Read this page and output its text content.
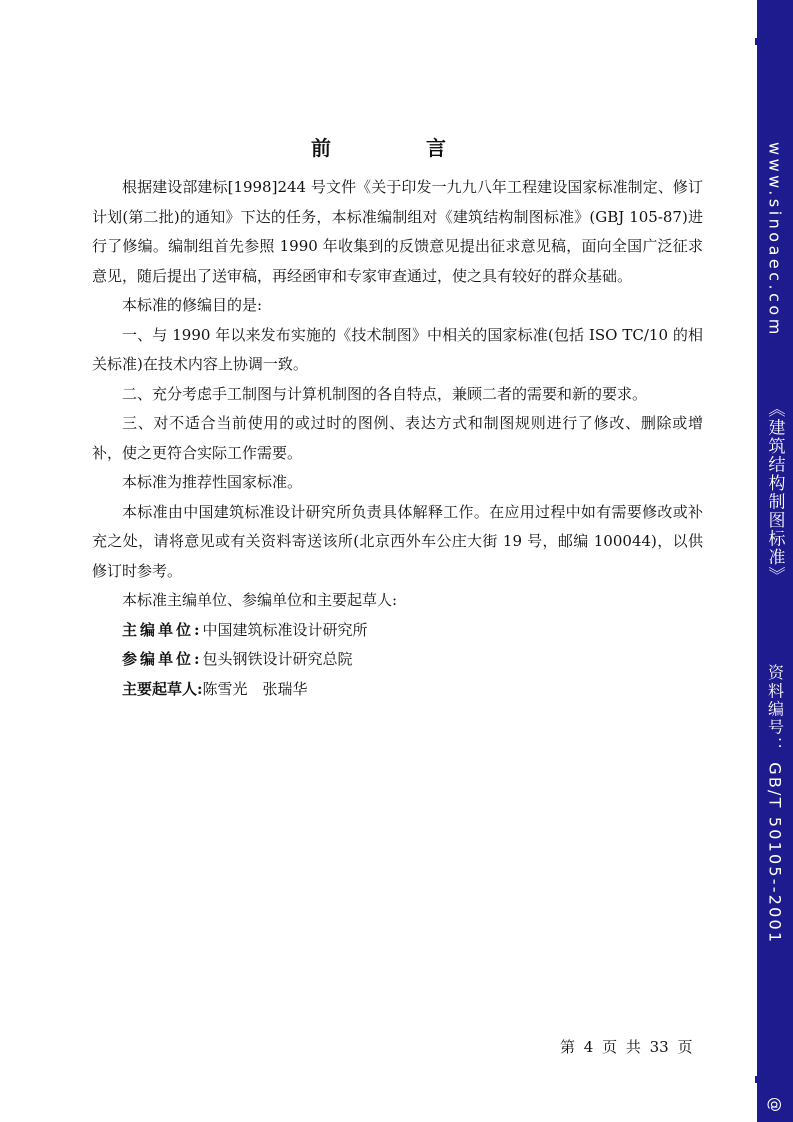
前 言

根据建设部建标[1998]244 号文件《关于印发一九九八年工程建设国家标准制定、修订计划(第二批)的通知》下达的任务，本标准编制组对《建筑结构制图标准》(GBJ 105-87)进行了修编。编制组首先参照 1990 年收集到的反馈意见提出征求意见稿，面向全国广泛征求意见，随后提出了送审稿，再经函审和专家审查通过，使之具有较好的群众基础。

本标准的修编目的是:

一、与 1990 年以来发布实施的《技术制图》中相关的国家标准(包括 ISO TC/10 的相关标准)在技术内容上协调一致。

二、充分考虑手工制图与计算机制图的各自特点，兼顾二者的需要和新的要求。

三、对不适合当前使用的或过时的图例、表达方式和制图规则进行了修改、删除或增补，使之更符合实际工作需要。

本标准为推荐性国家标准。

本标准由中国建筑标准设计研究所负责具体解释工作。在应用过程中如有需要修改或补充之处，请将意见或有关资料寄送该所(北京西外车公庄大街 19 号，邮编 100044)，以供修订时参考。

本标准主编单位、参编单位和主要起草人:

主编单位:中国建筑标准设计研究所

参编单位:包头钢铁设计研究总院

主要起草人:陈雪光　张瑞华

第 4 页 共 33 页
www.sinoaec.com
《建筑结构制图标准》
资料编号： GB/T 50105--2001
@
